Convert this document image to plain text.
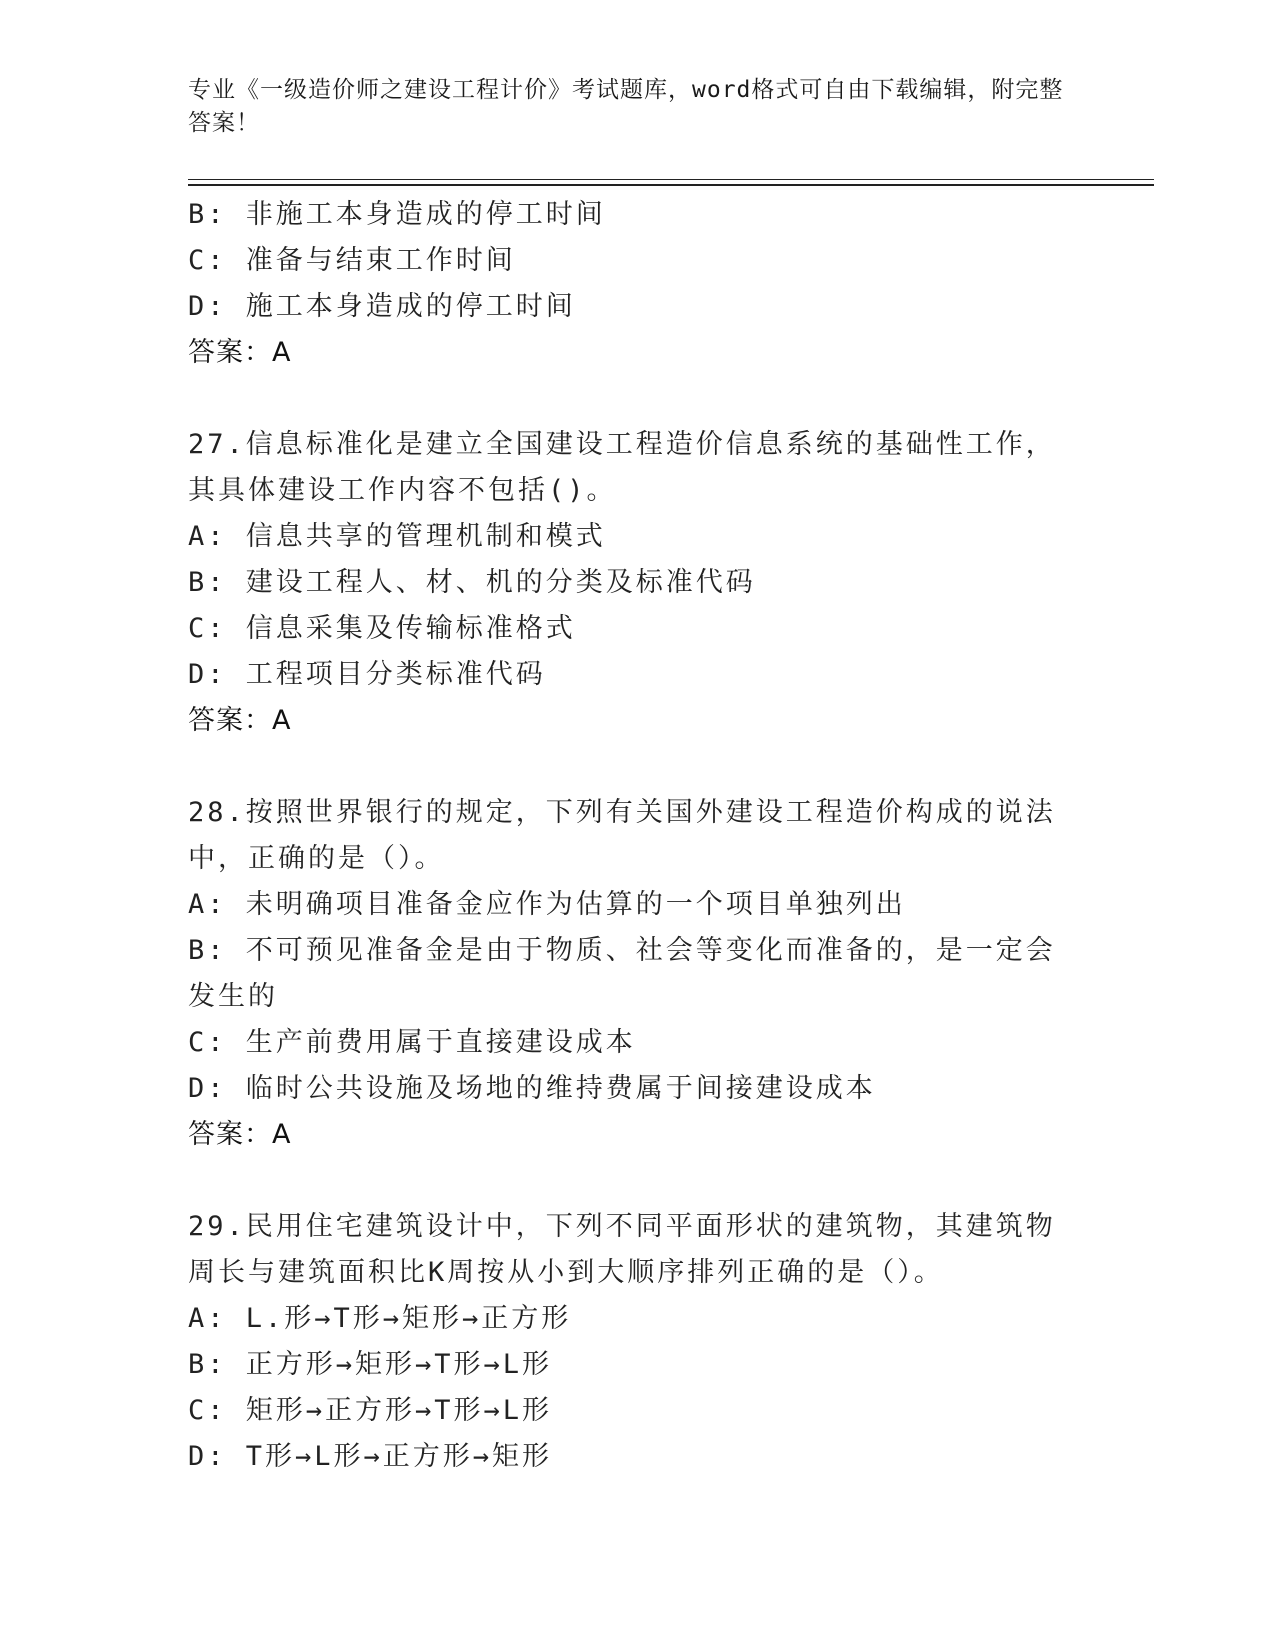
专业《一级造价师之建设工程计价》考试题库，word格式可自由下载编辑，附完整答案！
B: 非施工本身造成的停工时间
C: 准备与结束工作时间
D: 施工本身造成的停工时间
答案：A
27.信息标准化是建立全国建设工程造价信息系统的基础性工作，其具体建设工作内容不包括()。
A: 信息共享的管理机制和模式
B: 建设工程人、材、机的分类及标准代码
C: 信息采集及传输标准格式
D: 工程项目分类标准代码
答案：A
28.按照世界银行的规定，下列有关国外建设工程造价构成的说法中，正确的是（）。
A: 未明确项目准备金应作为估算的一个项目单独列出
B: 不可预见准备金是由于物质、社会等变化而准备的，是一定会发生的
C: 生产前费用属于直接建设成本
D: 临时公共设施及场地的维持费属于间接建设成本
答案：A
29.民用住宅建筑设计中，下列不同平面形状的建筑物，其建筑物周长与建筑面积比K周按从小到大顺序排列正确的是（）。
A: L.形→T形→矩形→正方形
B: 正方形→矩形→T形→L形
C: 矩形→正方形→T形→L形
D: T形→L形→正方形→矩形
